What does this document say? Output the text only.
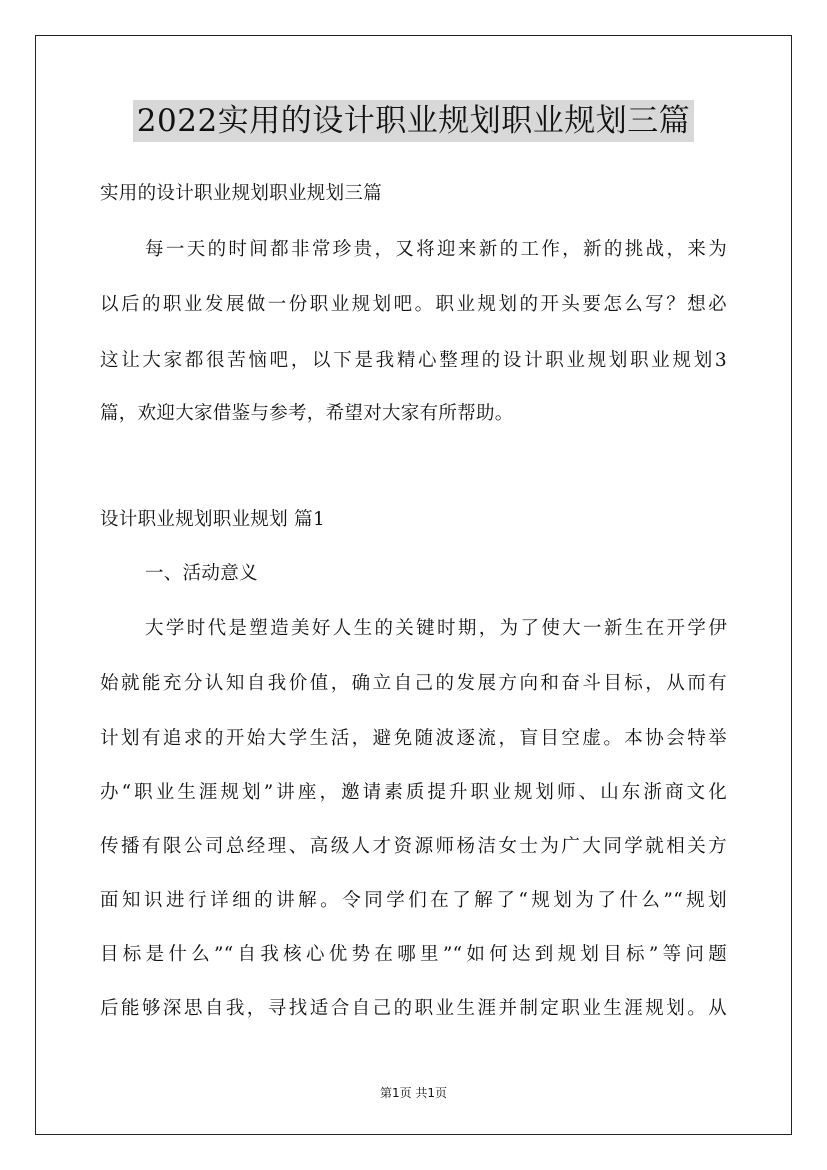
2022实用的设计职业规划职业规划三篇
实用的设计职业规划职业规划三篇
每一天的时间都非常珍贵，又将迎来新的工作，新的挑战，来为
以后的职业发展做一份职业规划吧。职业规划的开头要怎么写？想必
这让大家都很苦恼吧，以下是我精心整理的设计职业规划职业规划3
篇，欢迎大家借鉴与参考，希望对大家有所帮助。
设计职业规划职业规划 篇1
一、活动意义
大学时代是塑造美好人生的关键时期，为了使大一新生在开学伊
始就能充分认知自我价值，确立自己的发展方向和奋斗目标，从而有
计划有追求的开始大学生活，避免随波逐流，盲目空虚。本协会特举
办“职业生涯规划”讲座，邀请素质提升职业规划师、山东浙商文化
传播有限公司总经理、高级人才资源师杨洁女士为广大同学就相关方
面知识进行详细的讲解。令同学们在了解了“规划为了什么”“规划
目标是什么”“自我核心优势在哪里”“如何达到规划目标”等问题
后能够深思自我，寻找适合自己的职业生涯并制定职业生涯规划。从
第1页 共1页
